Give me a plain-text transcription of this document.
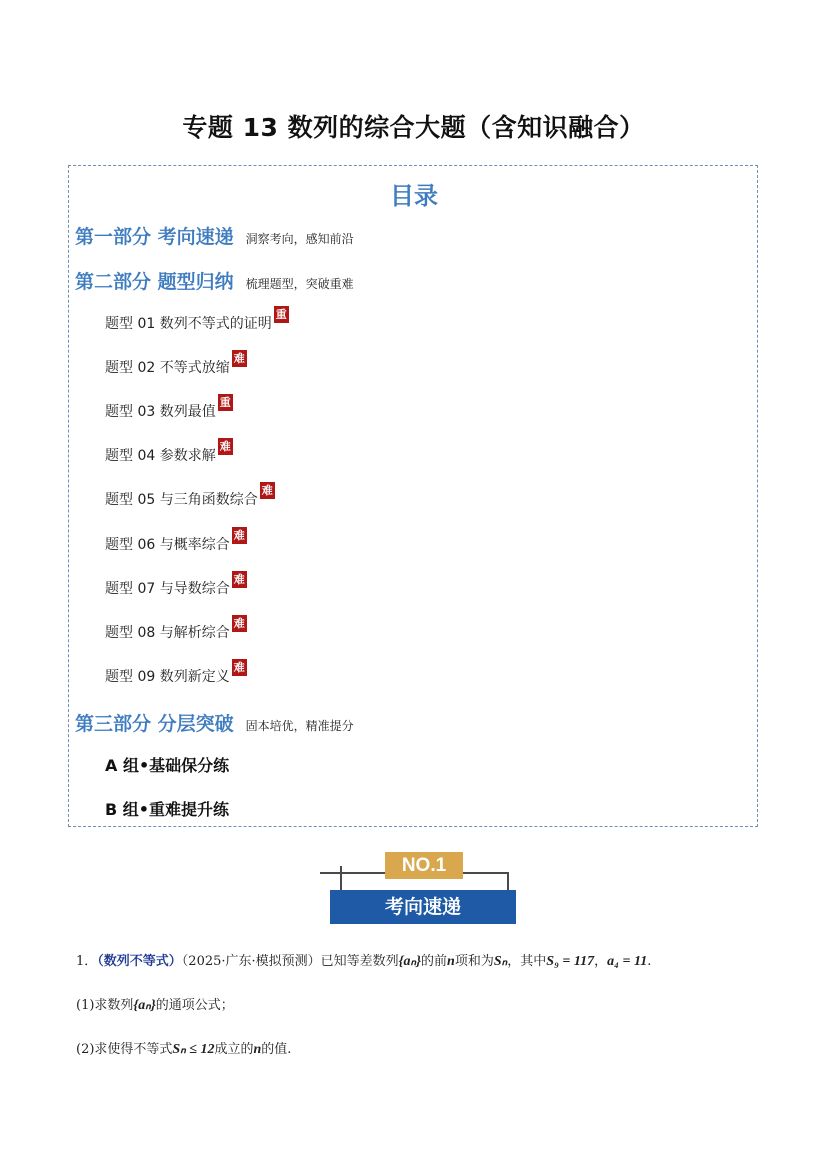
专题 13 数列的综合大题（含知识融合）
目录
第一部分 考向速递 洞察考向，感知前沿
第二部分 题型归纳 梳理题型，突破重难
题型 01 数列不等式的证明
重
题型 02 不等式放缩
难
题型 03 数列最值
重
题型 04 参数求解
难
题型 05 与三角函数综合
难
题型 06 与概率综合
难
题型 07 与导数综合
难
题型 08 与解析综合
难
题型 09 数列新定义
难
第三部分 分层突破 固本培优，精准提分
A 组•基础保分练
B 组•重难提升练
NO.1
考向速递
1．（数列不等式）（2025·广东·模拟预测）已知等差数列{aₙ}的前n项和为Sₙ，其中S₉ = 117，a₄ = 11.
(1)求数列{aₙ}的通项公式；
(2)求使得不等式Sₙ ≤ 12成立的n的值.
